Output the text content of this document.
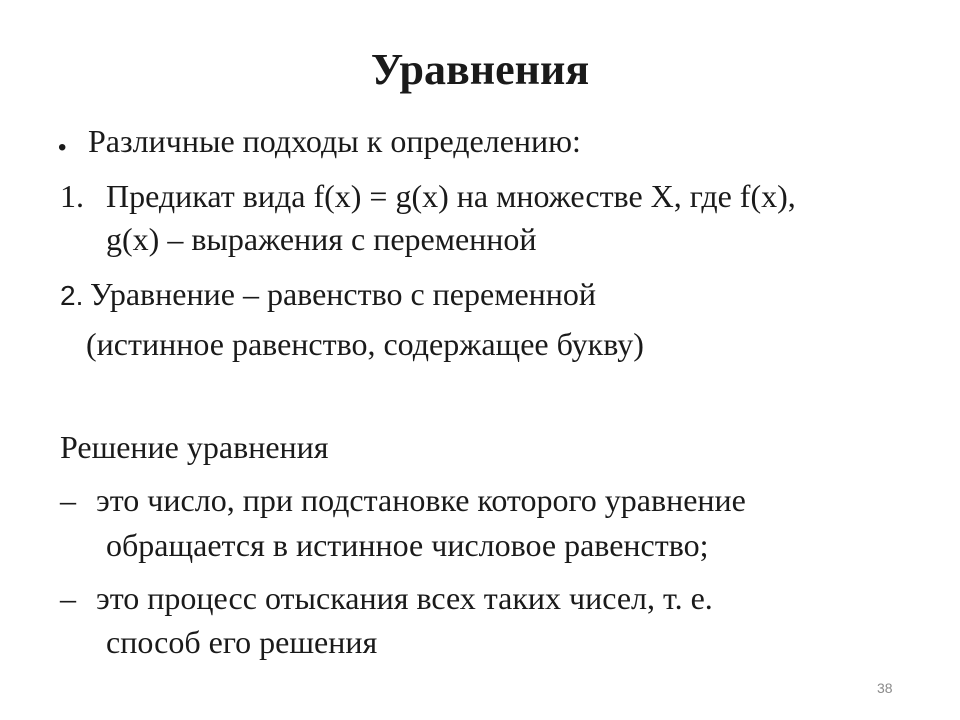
Уравнения
• Различные подходы к определению:
1. Предикат вида f(x) = g(x) на множестве X, где f(x),
g(x) – выражения с переменной
2. Уравнение – равенство с переменной
(истинное равенство, содержащее букву)
Решение уравнения
– это число, при подстановке которого уравнение
обращается в истинное числовое равенство;
– это процесс отыскания всех таких чисел, т. е.
способ его решения
38
